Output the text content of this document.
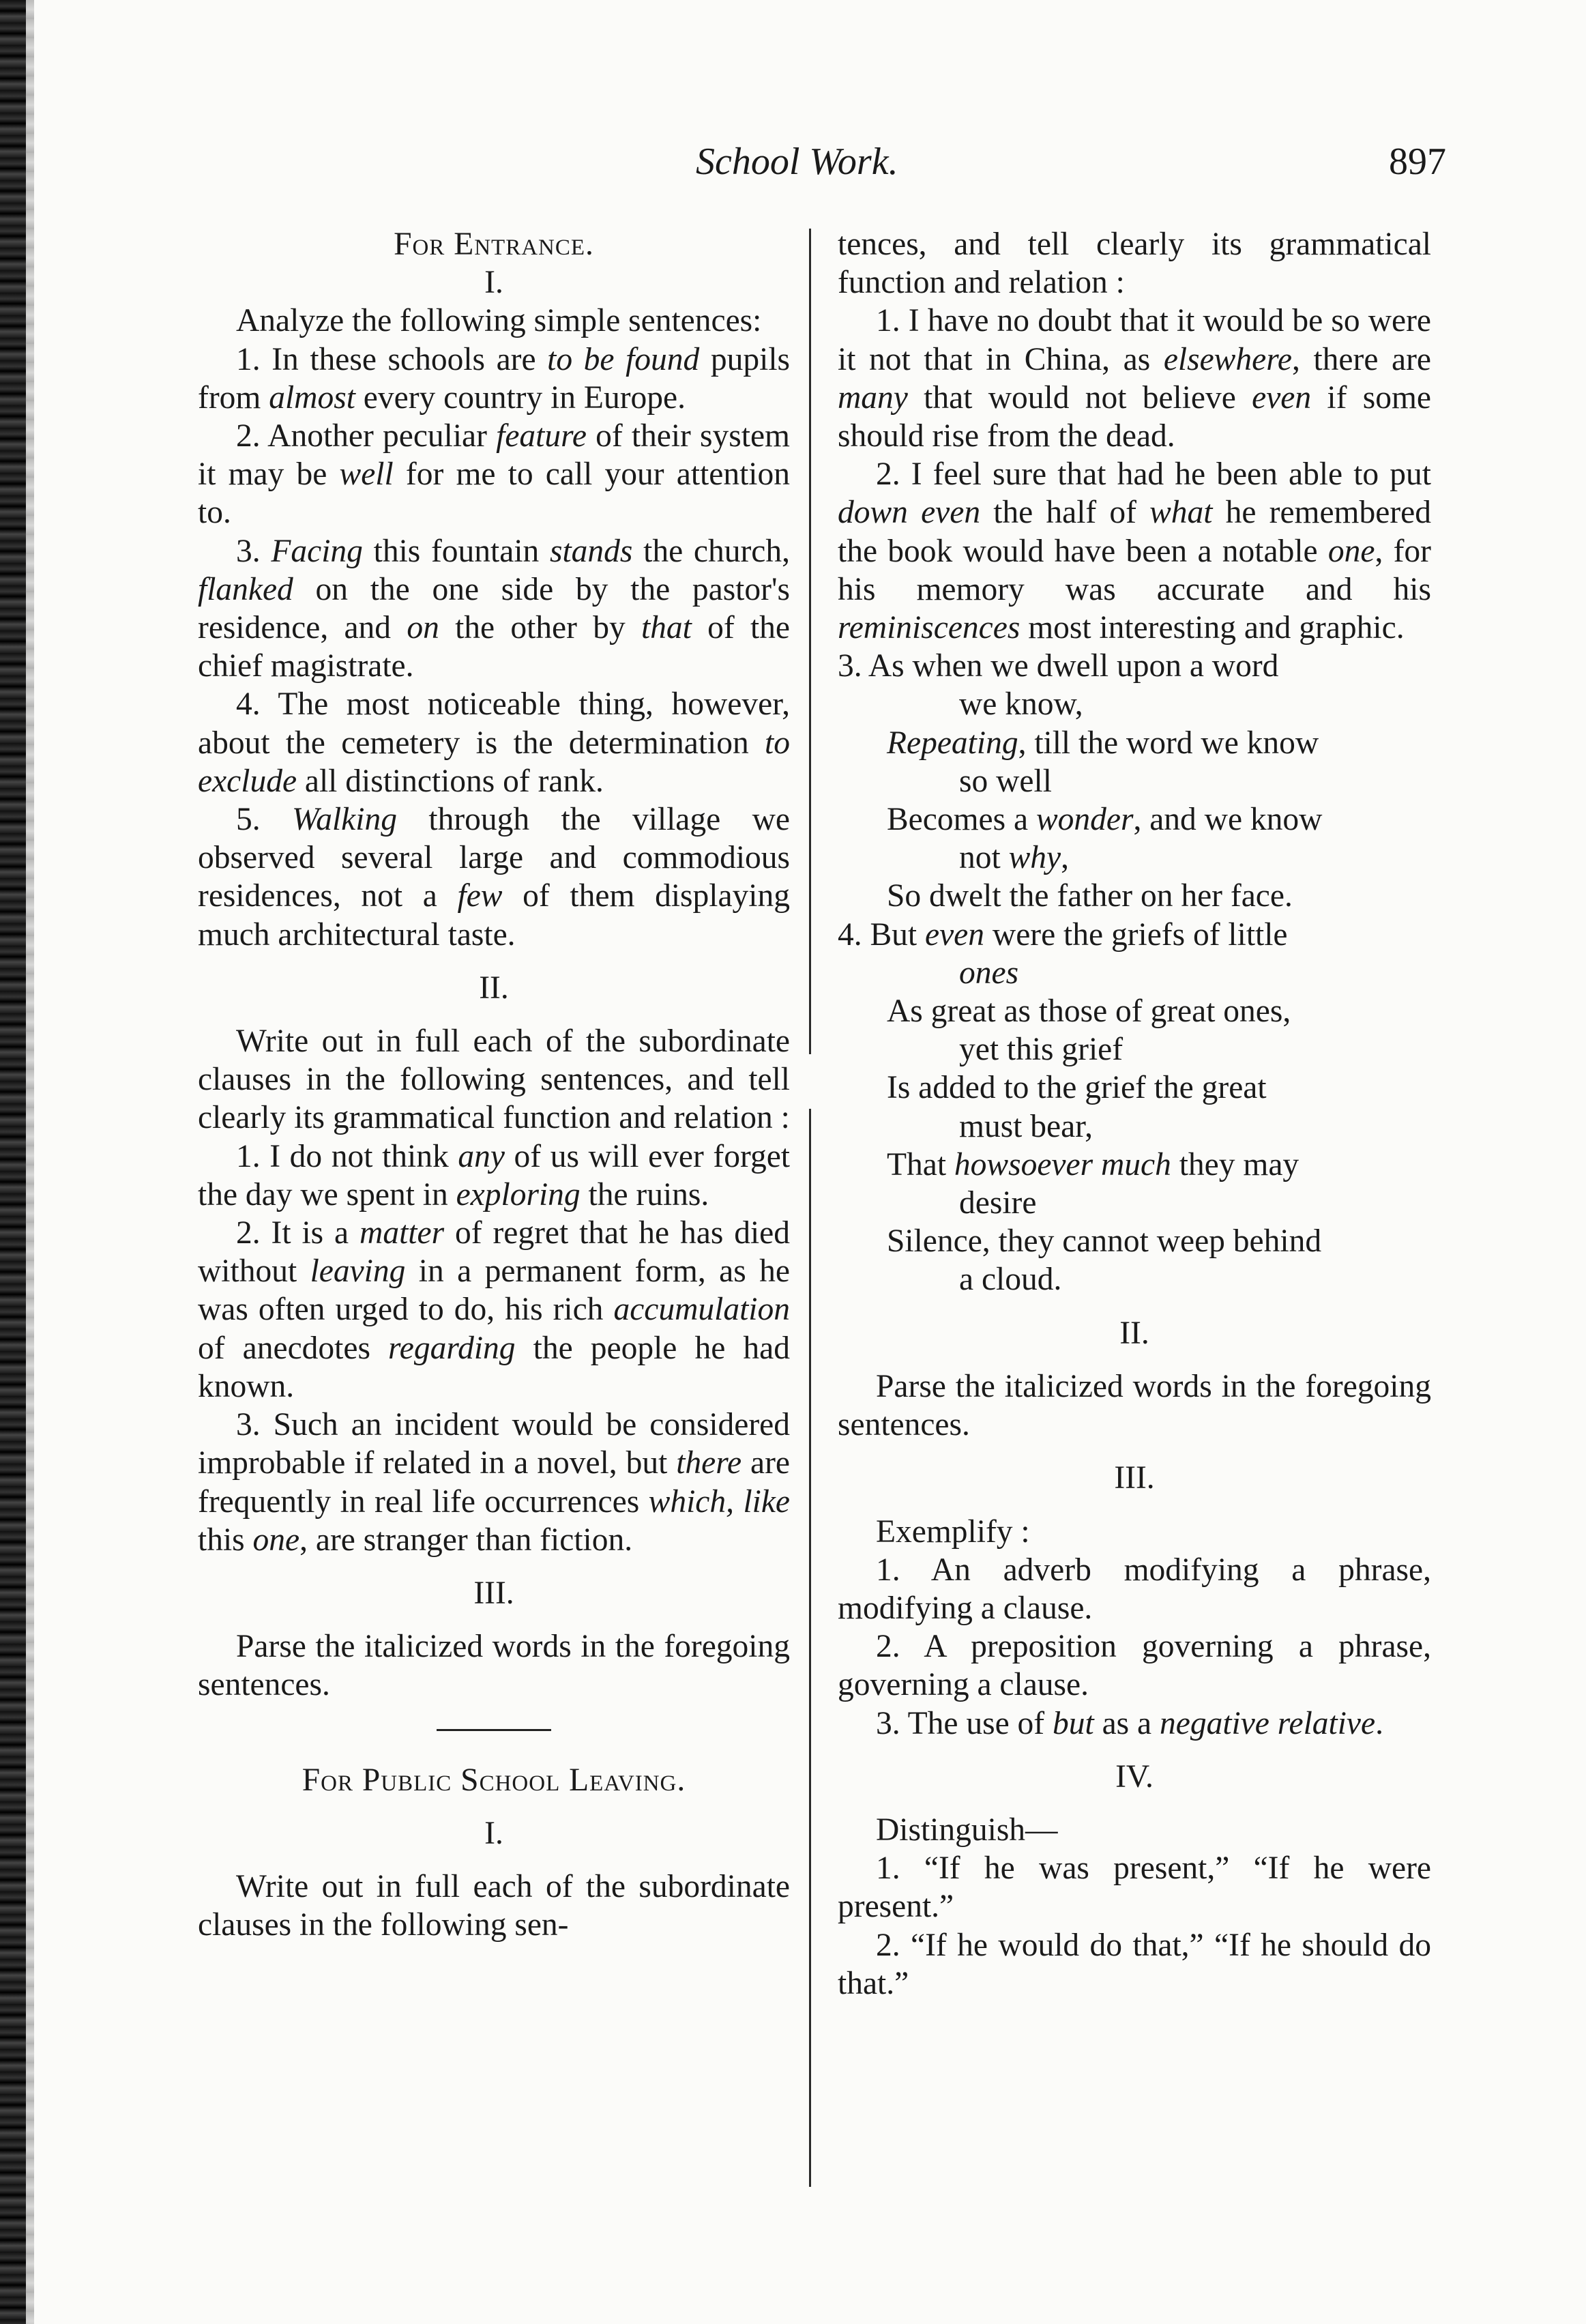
School Work.	897

For Entrance.

I.

Analyze the following simple sentences:

1. In these schools are to be found pupils from almost every country in Europe.

2. Another peculiar feature of their system it may be well for me to call your attention to.

3. Facing this fountain stands the church, flanked on the one side by the pastor's residence, and on the other by that of the chief magistrate.

4. The most noticeable thing, however, about the cemetery is the determination to exclude all distinctions of rank.

5. Walking through the village we observed several large and commodious residences, not a few of them displaying much architectural taste.

II.

Write out in full each of the subordinate clauses in the following sentences, and tell clearly its grammatical function and relation :

1. I do not think any of us will ever forget the day we spent in exploring the ruins.

2. It is a matter of regret that he has died without leaving in a permanent form, as he was often urged to do, his rich accumulation of anecdotes regarding the people he had known.

3. Such an incident would be considered improbable if related in a novel, but there are frequently in real life occurrences which, like this one, are stranger than fiction.

III.

Parse the italicized words in the foregoing sentences.

For Public School Leaving.

I.

Write out in full each of the subordinate clauses in the following sen-

tences, and tell clearly its grammatical function and relation :

1. I have no doubt that it would be so were it not that in China, as elsewhere, there are many that would not believe even if some should rise from the dead.

2. I feel sure that had he been able to put down even the half of what he remembered the book would have been a notable one, for his memory was accurate and his reminiscences most interesting and graphic.

3. As when we dwell upon a word

we know,

Repeating, till the word we know

so well

Becomes a wonder, and we know

not why,

So dwelt the father on her face.

4. But even were the griefs of little

ones

As great as those of great ones,

yet this grief

Is added to the grief the great

must bear,

That howsoever much they may

desire

Silence, they cannot weep behind

a cloud.

II.

Parse the italicized words in the foregoing sentences.

III.

Exemplify :

1. An adverb modifying a phrase, modifying a clause.

2. A preposition governing a phrase, governing a clause.

3. The use of but as a negative relative.

IV.

Distinguish—

1. “If he was present,” “If he were present.”

2. “If he would do that,” “If he should do that.”
